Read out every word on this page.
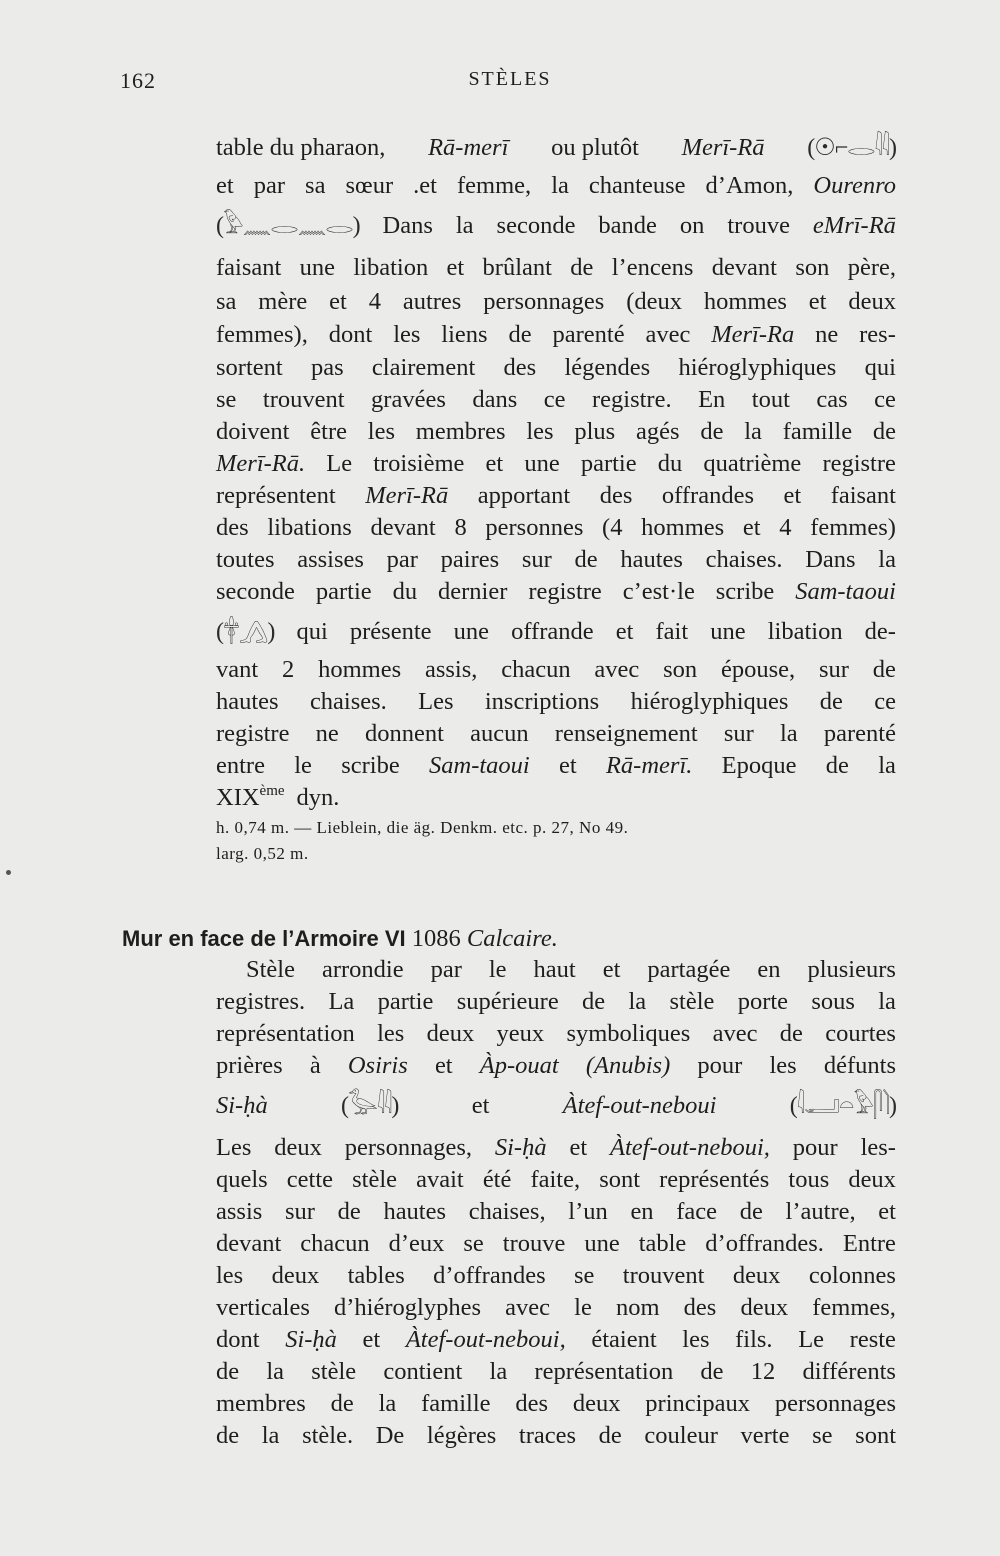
162	STÈLES
table du pharaon, Rā-merī ou plutôt Merī-Rā (☉⌐𓂋𓇋𓇋)
et par sa sœur .et femme, la chanteuse d’Amon, Ourenro
(𓅱𓈖𓂋𓈖𓂋) Dans la seconde bande on trouve eMrī-Rā
faisant une libation et brûlant de l’encens devant son père,
sa mère et 4 autres personnages (deux hommes et deux
femmes), dont les liens de parenté avec Merī-Ra ne res-
sortent pas clairement des légendes hiéroglyphiques qui
se trouvent gravées dans ce registre. En tout cas ce
doivent être les membres les plus agés de la famille de
Merī-Rā. Le troisième et une partie du quatrième registre
représentent Merī-Rā apportant des offrandes et faisant
des libations devant 8 personnes (4 hommes et 4 femmes)
toutes assises par paires sur de hautes chaises. Dans la
seconde partie du dernier registre c’est·le scribe Sam-taoui
(𓋁𓂻) qui présente une offrande et fait une libation de-
vant 2 hommes assis, chacun avec son épouse, sur de
hautes chaises. Les inscriptions hiéroglyphiques de ce
registre ne donnent aucun renseignement sur la parenté
entre le scribe Sam-taoui et Rā-merī. Epoque de la
XIXème dyn.
h. 0,74 m. — Lieblein, die äg. Denkm. etc. p. 27, No 49.
larg. 0,52 m.
Mur en face de l’Armoire VI 1086 Calcaire.
Stèle arrondie par le haut et partagée en plusieurs
registres. La partie supérieure de la stèle porte sous la
représentation les deux yeux symboliques avec de courtes
prières à Osiris et Àp-ouat (Anubis) pour les défunts
Si-ḥà	(𓅭𓇋𓇋)	et	Àtef-out-neboui	(𓇋𓂝𓏏𓅱𓋴𓌙)
Les deux personnages, Si-ḥà et Àtef-out-neboui, pour les-
quels cette stèle avait été faite, sont représentés tous deux
assis sur de hautes chaises, l’un en face de l’autre, et
devant chacun d’eux se trouve une table d’offrandes. Entre
les deux tables d’offrandes se trouvent deux colonnes
verticales d’hiéroglyphes avec le nom des deux femmes,
dont Si-ḥà et Àtef-out-neboui, étaient les fils. Le reste
de la stèle contient la représentation de 12 différents
membres de la famille des deux principaux personnages
de la stèle. De légères traces de couleur verte se sont
